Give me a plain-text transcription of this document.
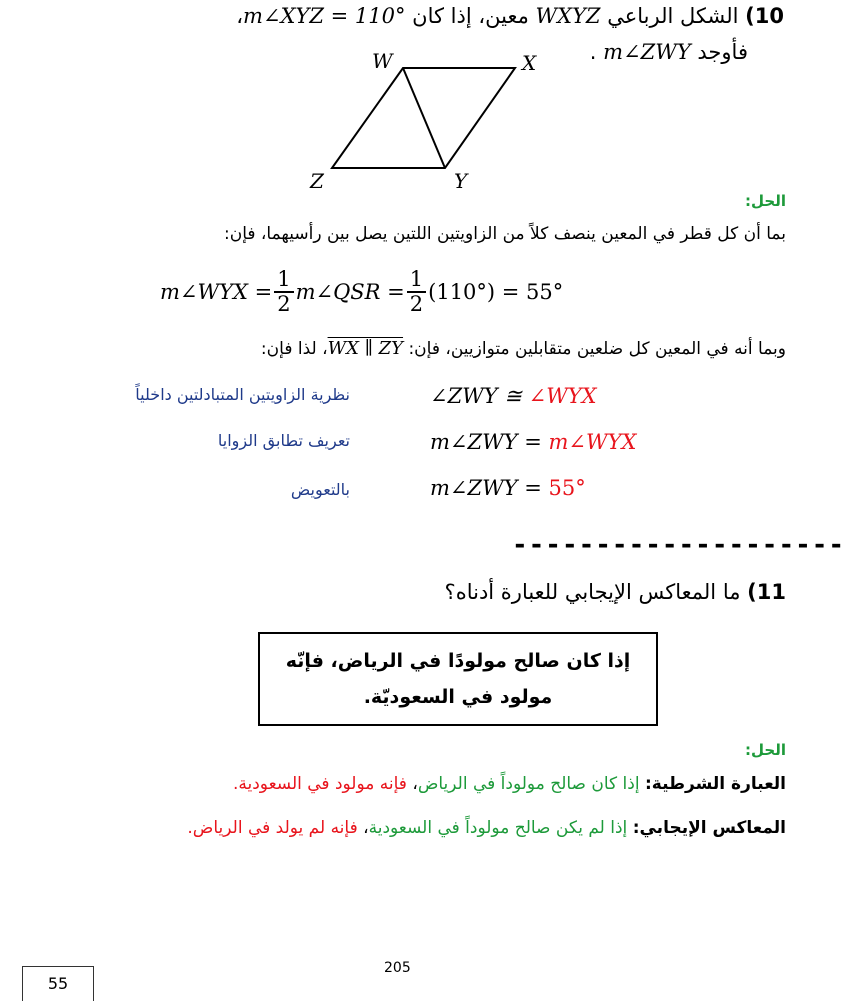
10) الشكل الرباعي WXYZ معين، إذا كان m∠XYZ = 110°،
فأوجد m∠ZWY .
W	X
Y
Z
الحل:
بما أن كل قطر في المعين ينصف كلاً من الزاويتين اللتين يصل بين رأسيهما، فإن:
m∠WYX = $\frac{1}{2}$ m∠QSR = $\frac{1}{2} (110^\circ) = 55^\circ$
وبما أنه في المعين كل ضلعين متقابلين متوازيين، فإن: WX ∥ ZY، لذا فإن:
∠ZWY ≅ ∠WYX
نظرية الزاويتين المتبادلتين داخلياً
m∠ZWY = m∠WYX
تعريف تطابق الزوايا
m∠ZWY = 55°
بالتعويض
--------------------
11) ما المعاكس الإيجابي للعبارة أدناه؟
إذا كان صالح مولودًا في الرياض، فإنّه
مولود في السعوديّة.
الحل:
العبارة الشرطية: إذا كان صالح مولوداً في الرياض، فإنه مولود في السعودية.
المعاكس الإيجابي: إذا لم يكن صالح مولوداً في السعودية، فإنه لم يولد في الرياض.
205
55
